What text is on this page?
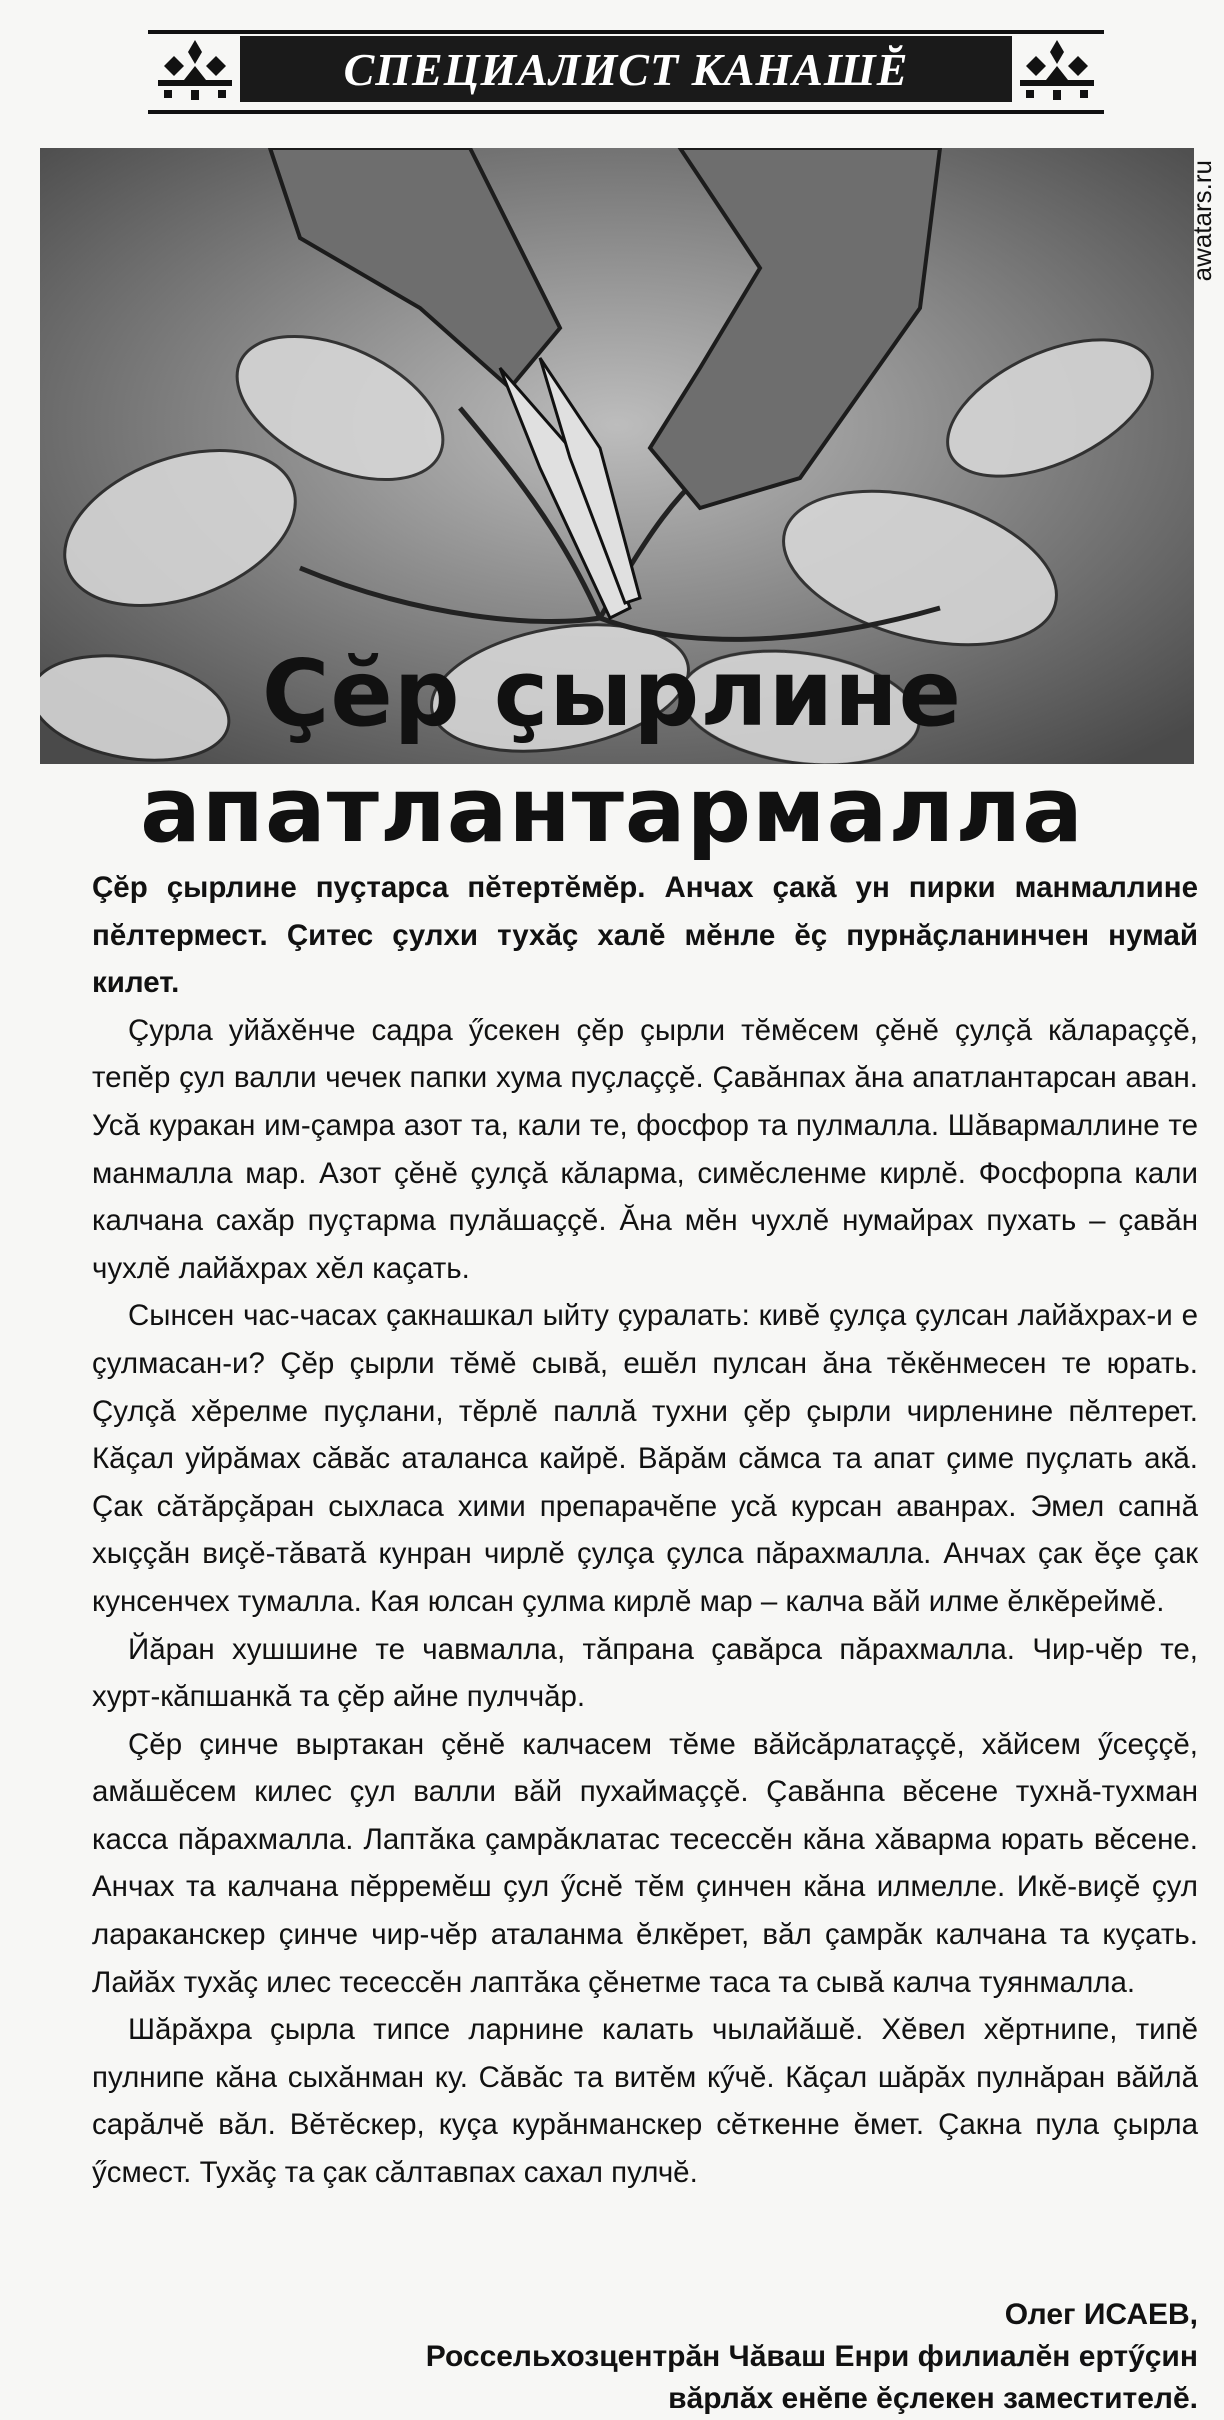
СПЕЦИАЛИСТ КАНАШĔ
awatars.ru
Çĕр çырлине
апатлантармалла

Çĕр çырлине пуçтарса пĕтертĕмĕр. Анчах çакă ун пирки манмаллине пĕлтермест. Çитес çулхи тухăç халĕ мĕнле ĕç пурнăçланинчен нумай килет.

Çурла уйăхĕнче садра ӳсекен çĕр çырли тĕмĕсем çĕнĕ çулçă кăлараççĕ, тепĕр çул валли чечек папки хума пуçлаççĕ. Çавăнпах ăна апатлантарсан аван. Усă куракан им-çамра азот та, кали те, фосфор та пулмалла. Шăвармаллине те манмалла мар. Азот çĕнĕ çулçă кăларма, симĕсленме кирлĕ. Фосфорпа кали калчана сахăр пуçтарма пулăшаççĕ. Ăна мĕн чухлĕ нумайрах пухать – çавăн чухлĕ лайăхрах хĕл каçать.

Сынсен час-часах çакнашкал ыйту çуралать: кивĕ çулçа çулсан лайăхрах-и е çулмасан-и? Çĕр çырли тĕмĕ сывă, ешĕл пулсан ăна тĕкĕнмесен те юрать. Çулçă хĕрелме пуçлани, тĕрлĕ паллă тухни çĕр çырли чирленине пĕлтерет. Кăçал уйрăмах сăвăс аталанса кайрĕ. Вăрăм сăмса та апат çиме пуçлать акă. Çак сăтăрçăран сыхласа хими препарачĕпе усă курсан аванрах. Эмел сапнă хыççăн виçĕ-тăватă кунран чирлĕ çулçа çулса пăрахмалла. Анчах çак ĕçе çак кунсенчех тумалла. Кая юлсан çулма кирлĕ мар – калча вăй илме ĕлкĕреймĕ.

Йăран хушшине те чавмалла, тăпрана çавăрса пăрахмалла. Чир-чĕр те, хурт-кăпшанкă та çĕр айне пулччăр.

Çĕр çинче выртакан çĕнĕ калчасем тĕме вăйсăрлатаççĕ, хăйсем ӳсеççĕ, амăшĕсем килес çул валли вăй пухаймаççĕ. Çавăнпа вĕсене тухнă-тухман касса пăрахмалла. Лаптăка çамрăклатас тесессĕн кăна хăварма юрать вĕсене. Анчах та калчана пĕрремĕш çул ӳснĕ тĕм çинчен кăна илмелле. Икĕ-виçĕ çул лараканскер çинче чир-чĕр аталанма ĕлкĕрет, вăл çамрăк калчана та куçать. Лайăх тухăç илес тесессĕн лаптăка çĕнетме таса та сывă калча туянмалла.

Шăрăхра çырла типсе ларнине калать чылайăшĕ. Хĕвел хĕртнипе, типĕ пулнипе кăна сыхăнман ку. Сăвăс та витĕм кӳчĕ. Кăçал шăрăх пулнăран вăйлă сарăлчĕ вăл. Вĕтĕскер, куçа курăнманскер сĕткенне ĕмет. Çакна пула çырла ӳсмест. Тухăç та çак сăлтавпах сахал пулчĕ.

Олег ИСАЕВ,
Россельхозцентрăн Чăваш Енри филиалĕн ертӳçин
вăрлăх енĕпе ĕçлекен заместителĕ.
